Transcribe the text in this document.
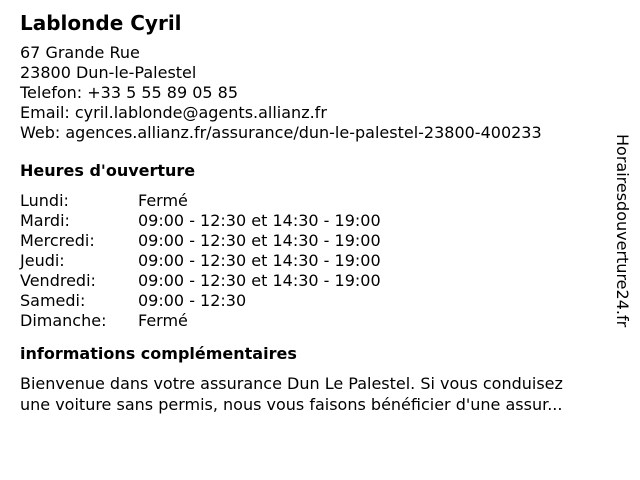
Lablonde Cyril
67 Grande Rue
23800 Dun-le-Palestel
Telefon: +33 5 55 89 05 85
Email: cyril.lablonde@agents.allianz.fr
Web: agences.allianz.fr/assurance/dun-le-palestel-23800-400233
Heures d'ouverture
Lundi:	Fermé
Mardi:	09:00 - 12:30 et 14:30 - 19:00
Mercredi:	09:00 - 12:30 et 14:30 - 19:00
Jeudi:	09:00 - 12:30 et 14:30 - 19:00
Vendredi:	09:00 - 12:30 et 14:30 - 19:00
Samedi:	09:00 - 12:30
Dimanche:	Fermé
informations complémentaires
Bienvenue dans votre assurance Dun Le Palestel. Si vous conduisez
une voiture sans permis, nous vous faisons bénéficier d'une assur...
Horairesdouverture24.fr
